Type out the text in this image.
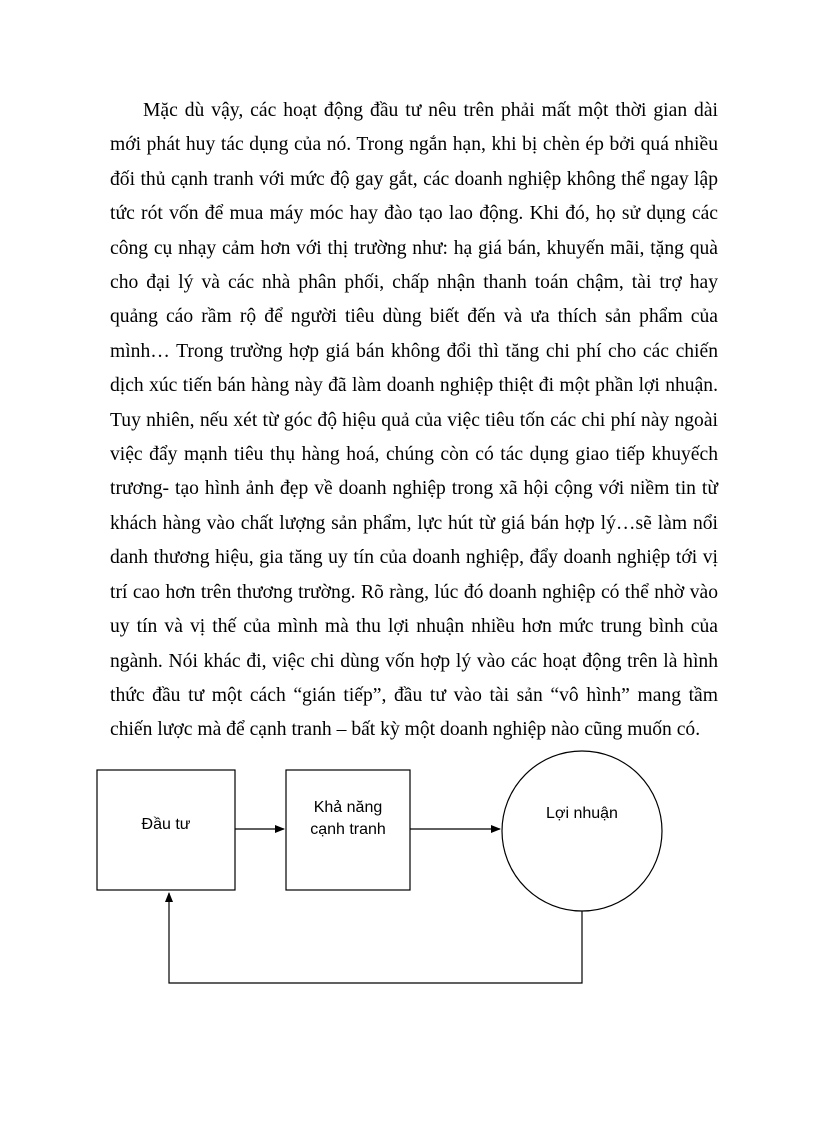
Mặc dù vậy, các hoạt động đầu tư nêu trên phải mất một thời gian dài mới phát huy tác dụng của nó. Trong ngắn hạn, khi bị chèn ép bởi quá nhiều đối thủ cạnh tranh với mức độ gay gắt, các doanh nghiệp không thể ngay lập tức rót vốn để mua máy móc hay đào tạo lao động. Khi đó, họ sử dụng các công cụ nhạy cảm hơn với thị trường như: hạ giá bán, khuyến mãi, tặng quà cho đại lý và các nhà phân phối, chấp nhận thanh toán chậm, tài trợ hay quảng cáo rầm rộ để người tiêu dùng biết đến và ưa thích sản phẩm của mình… Trong trường hợp giá bán không đổi thì tăng chi phí cho các chiến dịch xúc tiến bán hàng này đã làm doanh nghiệp thiệt đi một phần lợi nhuận. Tuy nhiên, nếu xét từ góc độ hiệu quả của việc tiêu tốn các chi phí này ngoài việc đẩy mạnh tiêu thụ hàng hoá, chúng còn có tác dụng giao tiếp khuyếch trương- tạo hình ảnh đẹp về doanh nghiệp trong xã hội cộng với niềm tin từ khách hàng vào chất lượng sản phẩm, lực hút từ giá bán hợp lý…sẽ làm nổi danh thương hiệu, gia tăng uy tín của doanh nghiệp, đẩy doanh nghiệp tới vị trí cao hơn trên thương trường. Rõ ràng, lúc đó doanh nghiệp có thể nhờ vào uy tín và vị thế của mình mà thu lợi nhuận nhiều hơn mức trung bình của ngành. Nói khác đi, việc chi dùng vốn hợp lý vào các hoạt động trên là hình thức đầu tư một cách “gián tiếp”, đầu tư vào tài sản “vô hình” mang tầm chiến lược mà để cạnh tranh – bất kỳ một doanh nghiệp nào cũng muốn có.

Đầu tư
Khả năng
cạnh tranh
Lợi nhuận
